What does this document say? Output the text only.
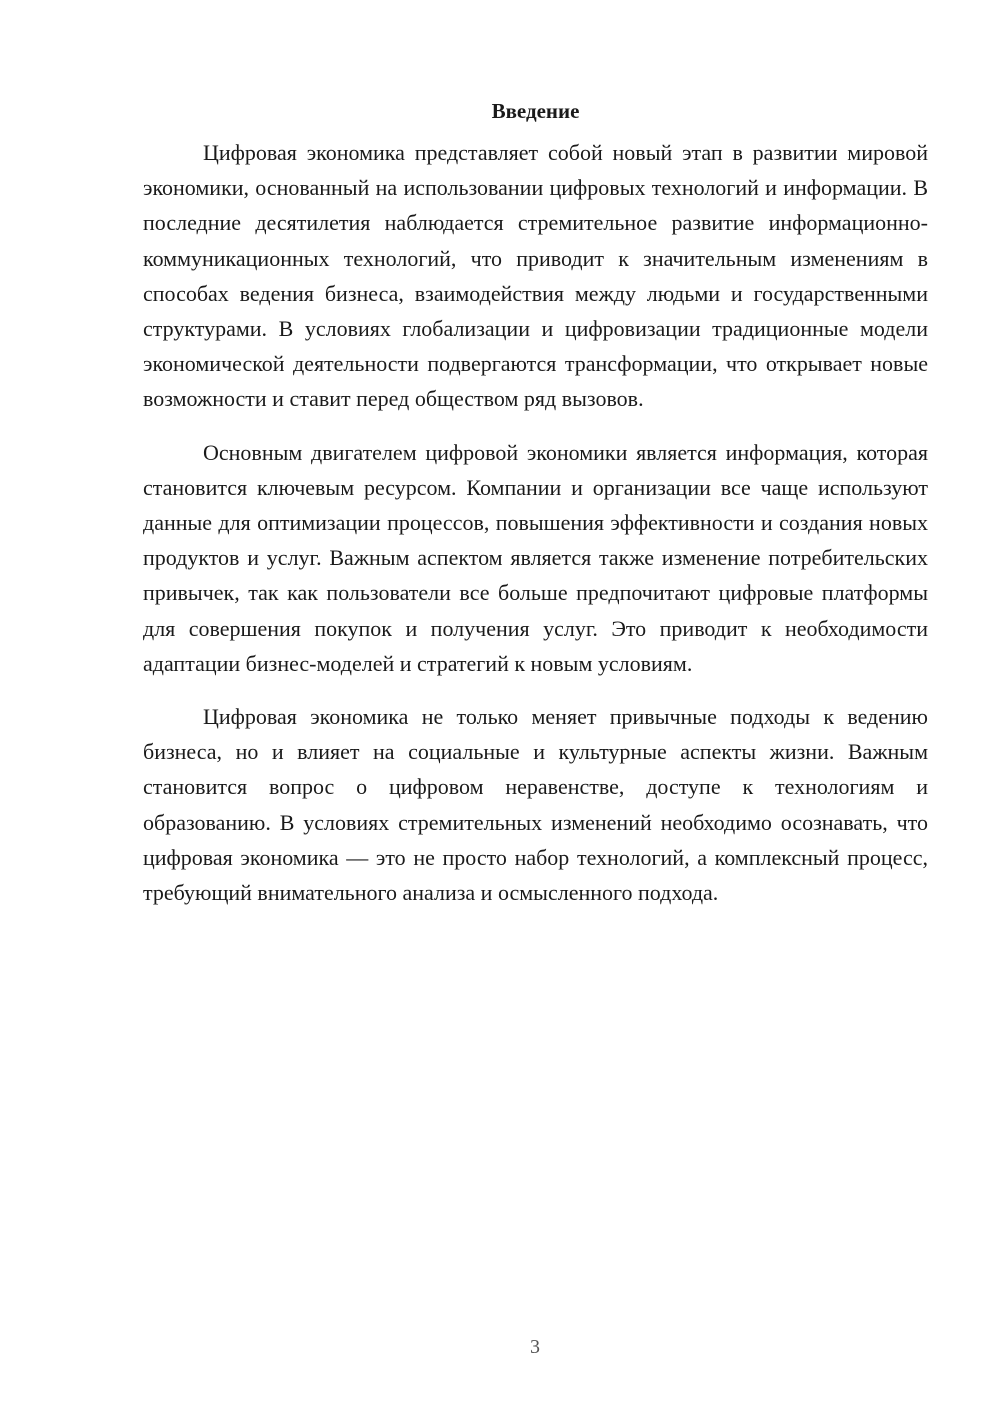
Введение

Цифровая экономика представляет собой новый этап в развитии мировой экономики, основанный на использовании цифровых технологий и информации. В последние десятилетия наблюдается стремительное развитие информационно-коммуникационных технологий, что приводит к значительным изменениям в способах ведения бизнеса, взаимодействия между людьми и государственными структурами. В условиях глобализации и цифровизации традиционные модели экономической деятельности подвергаются трансформации, что открывает новые возможности и ставит перед обществом ряд вызовов.

Основным двигателем цифровой экономики является информация, которая становится ключевым ресурсом. Компании и организации все чаще используют данные для оптимизации процессов, повышения эффективности и создания новых продуктов и услуг. Важным аспектом является также изменение потребительских привычек, так как пользователи все больше предпочитают цифровые платформы для совершения покупок и получения услуг. Это приводит к необходимости адаптации бизнес-моделей и стратегий к новым условиям.

Цифровая экономика не только меняет привычные подходы к ведению бизнеса, но и влияет на социальные и культурные аспекты жизни. Важным становится вопрос о цифровом неравенстве, доступе к технологиям и образованию. В условиях стремительных изменений необходимо осознавать, что цифровая экономика — это не просто набор технологий, а комплексный процесс, требующий внимательного анализа и осмысленного подхода.

3
